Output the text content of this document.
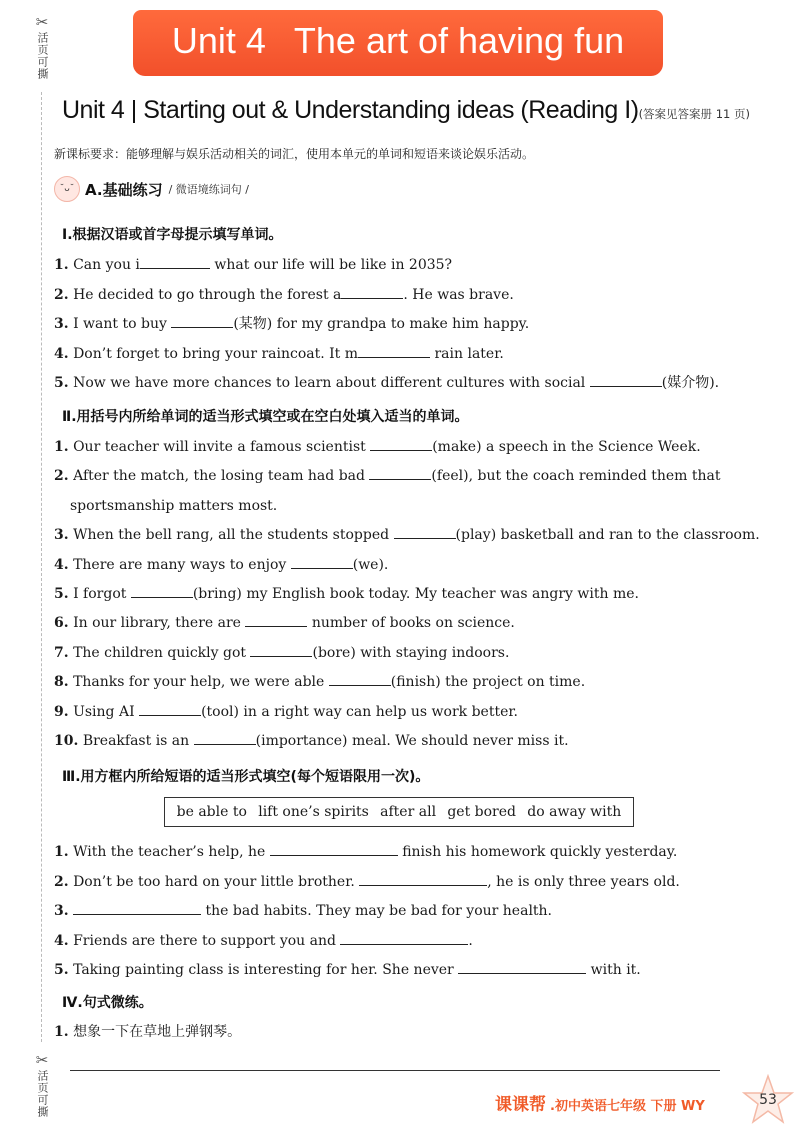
✂
活页可撕
✂
活页可撕
Unit 4 The art of having fun
Unit 4 | Starting out & Understanding ideas (Reading I)(答案见答案册 11 页)
新课标要求：能够理解与娱乐活动相关的词汇，使用本单元的单词和短语来谈论娱乐活动。
˘ᴗ˘ A.基础练习 / 微语境练词句 /
Ⅰ.根据汉语或首字母提示填写单词。
1. Can you i	what our life will be like in 2035?
2. He decided to go through the forest a	. He was brave.
3. I want to buy	(某物) for my grandpa to make him happy.
4. Don’t forget to bring your raincoat. It m	rain later.
5. Now we have more chances to learn about different cultures with social	(媒介物).
Ⅱ.用括号内所给单词的适当形式填空或在空白处填入适当的单词。
1. Our teacher will invite a famous scientist	(make) a speech in the Science Week.
2. After the match, the losing team had bad	(feel), but the coach reminded them that
sportsmanship matters most.
3. When the bell rang, all the students stopped	(play) basketball and ran to the classroom.
4. There are many ways to enjoy	(we).
5. I forgot	(bring) my English book today. My teacher was angry with me.
6. In our library, there are	number of books on science.
7. The children quickly got	(bore) with staying indoors.
8. Thanks for your help, we were able	(finish) the project on time.
9. Using AI	(tool) in a right way can help us work better.
10. Breakfast is an	(importance) meal. We should never miss it.
Ⅲ.用方框内所给短语的适当形式填空(每个短语限用一次)。
be able to lift one’s spirits after all get bored do away with
1. With the teacher’s help, he	finish his homework quickly yesterday.
2. Don’t be too hard on your little brother.	, he is only three years old.
3.	the bad habits. They may be bad for your health.
4. Friends are there to support you and	.
5. Taking painting class is interesting for her. She never	with it.
Ⅳ.句式微练。
1. 想象一下在草地上弹钢琴。
课课帮 .初中英语七年级 下册 WY	53
